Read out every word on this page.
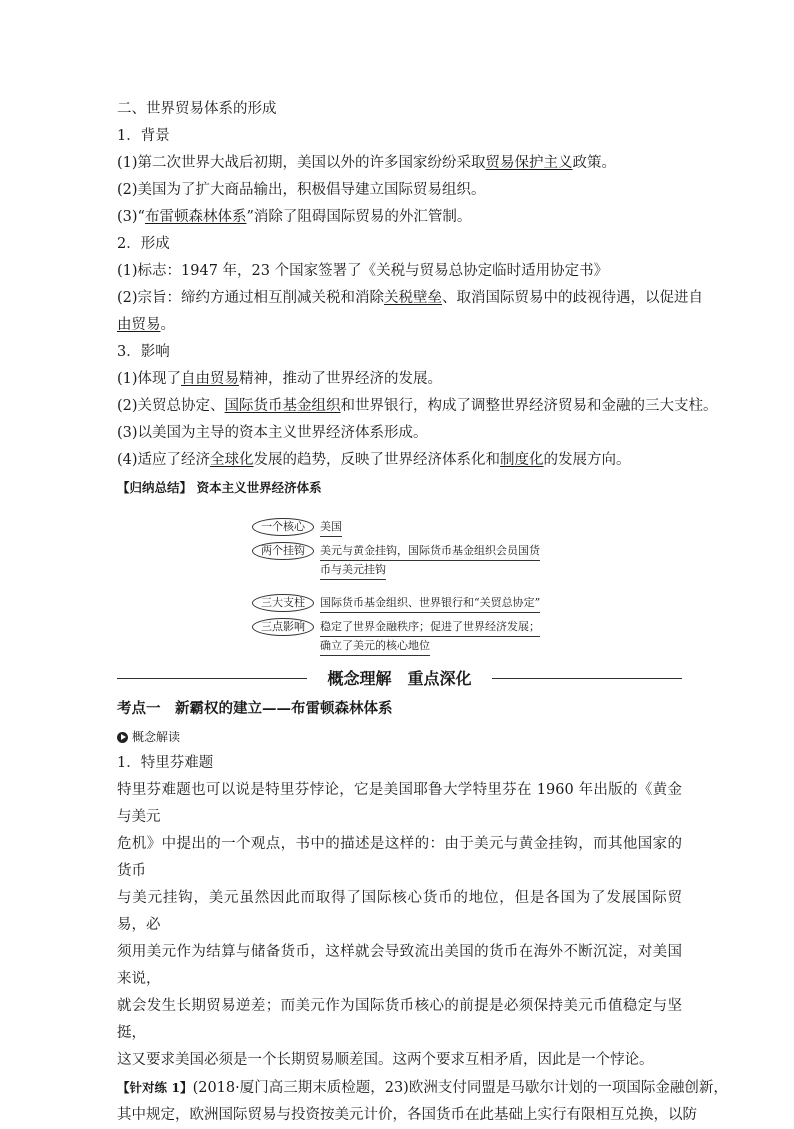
二、世界贸易体系的形成
1．背景
(1)第二次世界大战后初期，美国以外的许多国家纷纷采取贸易保护主义政策。
(2)美国为了扩大商品输出，积极倡导建立国际贸易组织。
(3)“布雷顿森林体系”消除了阻碍国际贸易的外汇管制。
2．形成
(1)标志：1947 年，23 个国家签署了《关税与贸易总协定临时适用协定书》
(2)宗旨：缔约方通过相互削减关税和消除关税壁垒、取消国际贸易中的歧视待遇，以促进自
由贸易。
3．影响
(1)体现了自由贸易精神，推动了世界经济的发展。
(2)关贸总协定、国际货币基金组织和世界银行，构成了调整世界经济贸易和金融的三大支柱。
(3)以美国为主导的资本主义世界经济体系形成。
(4)适应了经济全球化发展的趋势，反映了世界经济体系化和制度化的发展方向。
【归纳总结】 资本主义世界经济体系
一个核心	美国
两个挂钩	美元与黄金挂钩，国际货币基金组织会员国货
币与美元挂钩
三大支柱	国际货币基金组织、世界银行和“关贸总协定”
三点影响	稳定了世界金融秩序；促进了世界经济发展；
确立了美元的核心地位
概念理解　重点深化
考点一　新霸权的建立——布雷顿森林体系
概念解读
1．特里芬难题
特里芬难题也可以说是特里芬悖论，它是美国耶鲁大学特里芬在 1960 年出版的《黄金与美元
危机》中提出的一个观点，书中的描述是这样的：由于美元与黄金挂钩，而其他国家的货币
与美元挂钩，美元虽然因此而取得了国际核心货币的地位，但是各国为了发展国际贸易，必
须用美元作为结算与储备货币，这样就会导致流出美国的货币在海外不断沉淀，对美国来说，
就会发生长期贸易逆差；而美元作为国际货币核心的前提是必须保持美元币值稳定与坚挺，
这又要求美国必须是一个长期贸易顺差国。这两个要求互相矛盾，因此是一个悖论。
【针对练 1】(2018·厦门高三期末质检题，23)欧洲支付同盟是马歇尔计划的一项国际金融创新，
其中规定，欧洲国际贸易与投资按美元计价，各国货币在此基础上实行有限相互兑换，以防
